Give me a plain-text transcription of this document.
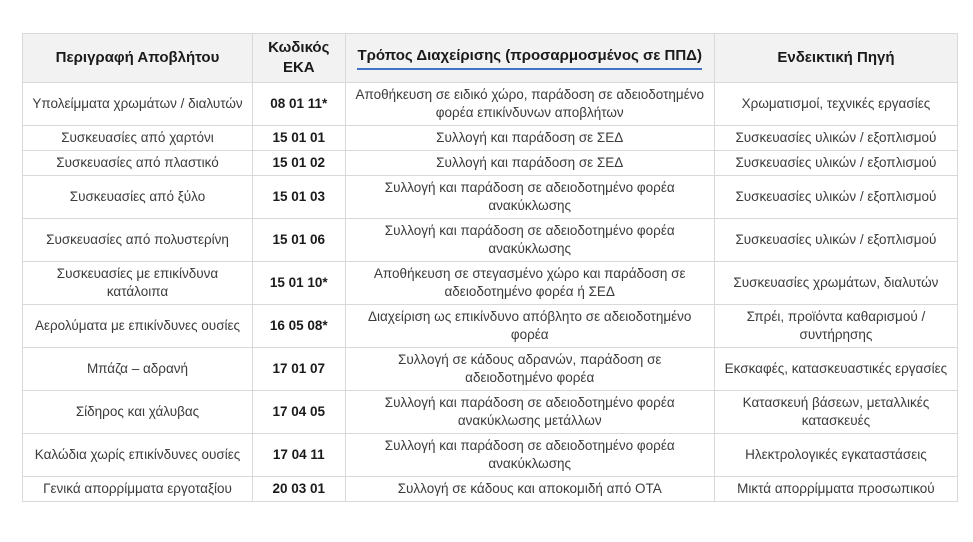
Περιγραφή Αποβλήτου	Κωδικός ΕΚΑ	Τρόπος Διαχείρισης (προσαρμοσμένος σε ΠΠΔ)	Ενδεικτική Πηγή
Υπολείμματα χρωμάτων / διαλυτών	08 01 11*	Αποθήκευση σε ειδικό χώρο, παράδοση σε αδειοδοτημένο φορέα επικίνδυνων αποβλήτων	Χρωματισμοί, τεχνικές εργασίες
Συσκευασίες από χαρτόνι	15 01 01	Συλλογή και παράδοση σε ΣΕΔ	Συσκευασίες υλικών / εξοπλισμού
Συσκευασίες από πλαστικό	15 01 02	Συλλογή και παράδοση σε ΣΕΔ	Συσκευασίες υλικών / εξοπλισμού
Συσκευασίες από ξύλο	15 01 03	Συλλογή και παράδοση σε αδειοδοτημένο φορέα ανακύκλωσης	Συσκευασίες υλικών / εξοπλισμού
Συσκευασίες από πολυστερίνη	15 01 06	Συλλογή και παράδοση σε αδειοδοτημένο φορέα ανακύκλωσης	Συσκευασίες υλικών / εξοπλισμού
Συσκευασίες με επικίνδυνα κατάλοιπα	15 01 10*	Αποθήκευση σε στεγασμένο χώρο και παράδοση σε αδειοδοτημένο φορέα ή ΣΕΔ	Συσκευασίες χρωμάτων, διαλυτών
Αερολύματα με επικίνδυνες ουσίες	16 05 08*	Διαχείριση ως επικίνδυνο απόβλητο σε αδειοδοτημένο φορέα	Σπρέι, προϊόντα καθαρισμού / συντήρησης
Μπάζα – αδρανή	17 01 07	Συλλογή σε κάδους αδρανών, παράδοση σε αδειοδοτημένο φορέα	Εκσκαφές, κατασκευαστικές εργασίες
Σίδηρος και χάλυβας	17 04 05	Συλλογή και παράδοση σε αδειοδοτημένο φορέα ανακύκλωσης μετάλλων	Κατασκευή βάσεων, μεταλλικές κατασκευές
Καλώδια χωρίς επικίνδυνες ουσίες	17 04 11	Συλλογή και παράδοση σε αδειοδοτημένο φορέα ανακύκλωσης	Ηλεκτρολογικές εγκαταστάσεις
Γενικά απορρίμματα εργοταξίου	20 03 01	Συλλογή σε κάδους και αποκομιδή από ΟΤΑ	Μικτά απορρίμματα προσωπικού
